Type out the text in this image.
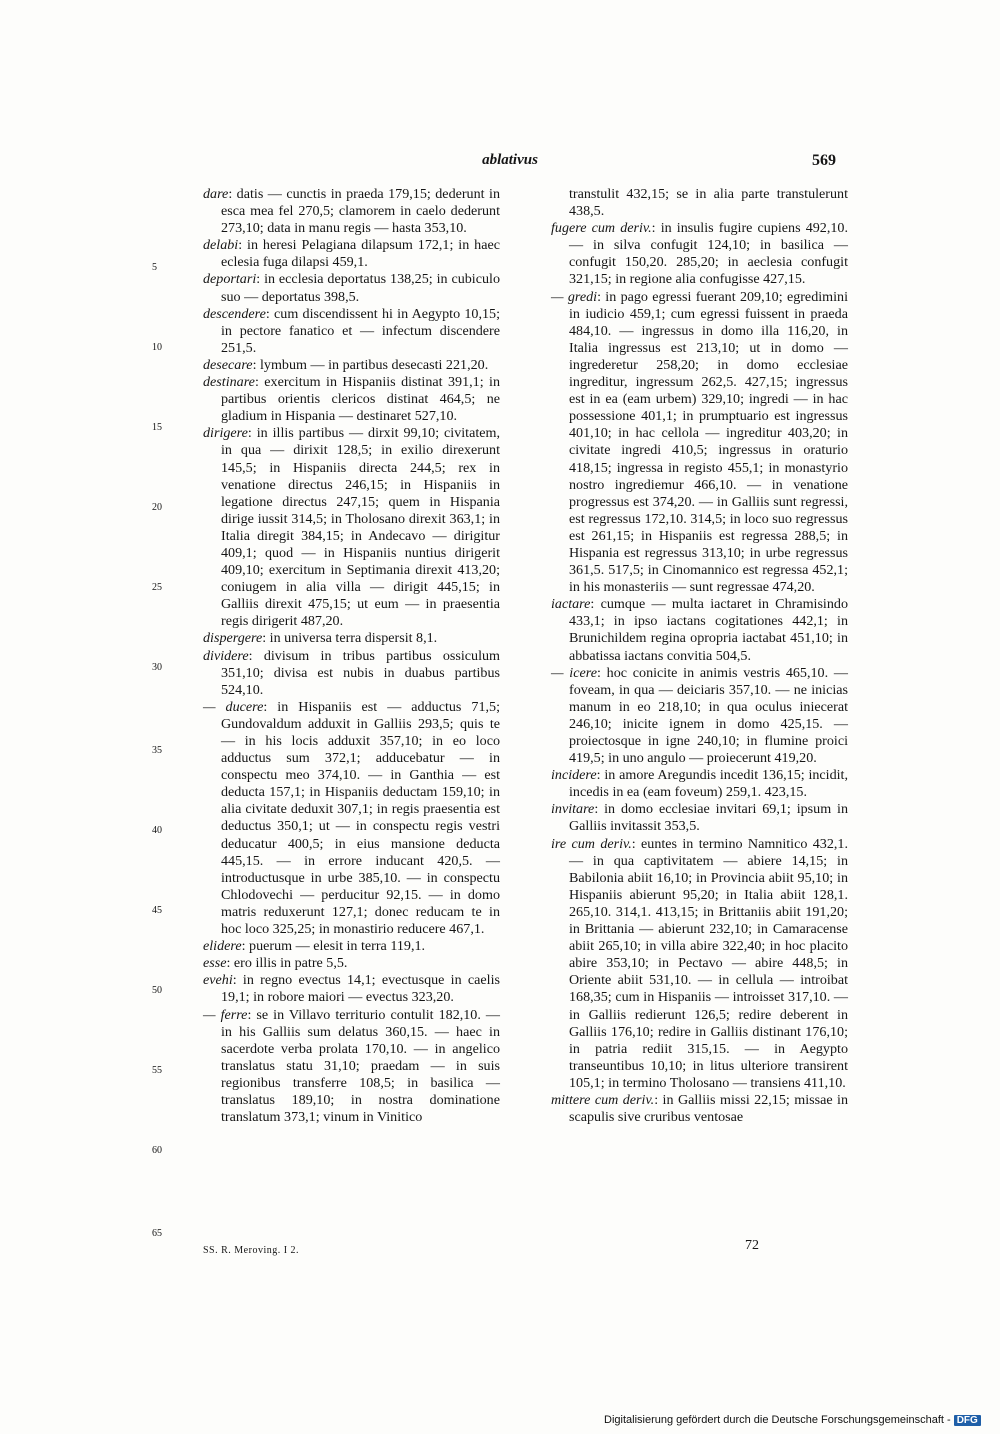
ablativus	569
5
10
15
20
25
30
35
40
45
50
55
60
65

dare: datis — cunctis in praeda 179,15; dederunt in esca mea fel 270,5; clamorem in caelo dederunt 273,10; data in manu regis — hasta 353,10.

delabi: in heresi Pelagiana dilapsum 172,1; in haec eclesia fuga dilapsi 459,1.

deportari: in ecclesia deportatus 138,25; in cubiculo suo — deportatus 398,5.

descendere: cum discendissent hi in Aegypto 10,15; in pectore fanatico et — infectum discendere 251,5.

desecare: lymbum — in partibus desecasti 221,20.

destinare: exercitum in Hispaniis distinat 391,1; in partibus orientis clericos distinat 464,5; ne gladium in Hispania — destinaret 527,10.

dirigere: in illis partibus — dirxit 99,10; civitatem, in qua — dirixit 128,5; in exilio direxerunt 145,5; in Hispaniis directa 244,5; rex in venatione directus 246,15; in Hispaniis in legatione directus 247,15; quem in Hispania dirige iussit 314,5; in Tholosano direxit 363,1; in Italia diregit 384,15; in Andecavo — dirigitur 409,1; quod — in Hispaniis nuntius dirigerit 409,10; exercitum in Septimania direxit 413,20; coniugem in alia villa — dirigit 445,15; in Galliis direxit 475,15; ut eum — in praesentia regis dirigerit 487,20.

dispergere: in universa terra dispersit 8,1.

dividere: divisum in tribus partibus ossiculum 351,10; divisa est nubis in duabus partibus 524,10.

— ducere: in Hispaniis est — adductus 71,5; Gundovaldum adduxit in Galliis 293,5; quis te — in his locis adduxit 357,10; in eo loco adductus sum 372,1; adducebatur — in conspectu meo 374,10. — in Ganthia — est deducta 157,1; in Hispaniis deductam 159,10; in alia civitate deduxit 307,1; in regis praesentia est deductus 350,1; ut — in conspectu regis vestri deducatur 400,5; in eius mansione deducta 445,15. — in errore inducant 420,5. — introductusque in urbe 385,10. — in conspectu Chlodovechi — perducitur 92,15. — in domo matris reduxerunt 127,1; donec reducam te in hoc loco 325,25; in monastirio reducere 467,1.

elidere: puerum — elesit in terra 119,1.

esse: ero illis in patre 5,5.

evehi: in regno evectus 14,1; evectusque in caelis 19,1; in robore maiori — evectus 323,20.

— ferre: se in Villavo territurio contulit 182,10. — in his Galliis sum delatus 360,15. — haec in sacerdote verba prolata 170,10. — in angelico translatus statu 31,10; praedam — in suis regionibus transferre 108,5; in basilica — translatus 189,10; in nostra dominatione translatum 373,1; vinum in Vinitico

transtulit 432,15; se in alia parte transtulerunt 438,5.

fugere cum deriv.: in insulis fugire cupiens 492,10. — in silva confugit 124,10; in basilica — confugit 150,20. 285,20; in aeclesia confugit 321,15; in regione alia confugisse 427,15.

— gredi: in pago egressi fuerant 209,10; egredimini in iudicio 459,1; cum egressi fuissent in praeda 484,10. — ingressus in domo illa 116,20, in Italia ingressus est 213,10; ut in domo — ingrederetur 258,20; in domo ecclesiae ingreditur, ingressum 262,5. 427,15; ingressus est in ea (eam urbem) 329,10; ingredi — in hac possessione 401,1; in prumptuario est ingressus 401,10; in hac cellola — ingreditur 403,20; in civitate ingredi 410,5; ingressus in oraturio 418,15; ingressa in registo 455,1; in monastyrio nostro ingrediemur 466,10. — in venatione progressus est 374,20. — in Galliis sunt regressi, est regressus 172,10. 314,5; in loco suo regressus est 261,15; in Hispaniis est regressa 288,5; in Hispania est regressus 313,10; in urbe regressus 361,5. 517,5; in Cinomannico est regressa 452,1; in his monasteriis — sunt regressae 474,20.

iactare: cumque — multa iactaret in Chramisindo 433,1; in ipso iactans cogitationes 442,1; in Brunichildem regina opropria iactabat 451,10; in abbatissa iactans convitia 504,5.

— icere: hoc conicite in animis vestris 465,10. — foveam, in qua — deiciaris 357,10. — ne inicias manum in eo 218,10; in qua oculus iniecerat 246,10; inicite ignem in domo 425,15. — proiectosque in igne 240,10; in flumine proici 419,5; in uno angulo — proiecerunt 419,20.

incidere: in amore Aregundis incedit 136,15; incidit, incedis in ea (eam foveum) 259,1. 423,15.

invitare: in domo ecclesiae invitari 69,1; ipsum in Galliis invitassit 353,5.

ire cum deriv.: euntes in termino Namnitico 432,1. — in qua captivitatem — abiere 14,15; in Babilonia abiit 16,10; in Provincia abiit 95,10; in Hispaniis abierunt 95,20; in Italia abiit 128,1. 265,10. 314,1. 413,15; in Brittaniis abiit 191,20; in Brittania — abierunt 232,10; in Camaracense abiit 265,10; in villa abire 322,40; in hoc placito abire 353,10; in Pectavo — abire 448,5; in Oriente abiit 531,10. — in cellula — introibat 168,35; cum in Hispaniis — introisset 317,10. — in Galliis redierunt 126,5; redire deberent in Galliis 176,10; redire in Galliis distinant 176,10; in patria rediit 315,15. — in Aegypto transeuntibus 10,10; in litus ulteriore transirent 105,1; in termino Tholosano — transiens 411,10.

mittere cum deriv.: in Galliis missi 22,15; missae in scapulis sive cruribus ventosae

SS. R. Merov​ing. I 2.	72
Digitalisierung gefördert durch die Deutsche Forschungsgemeinschaft - DFG
